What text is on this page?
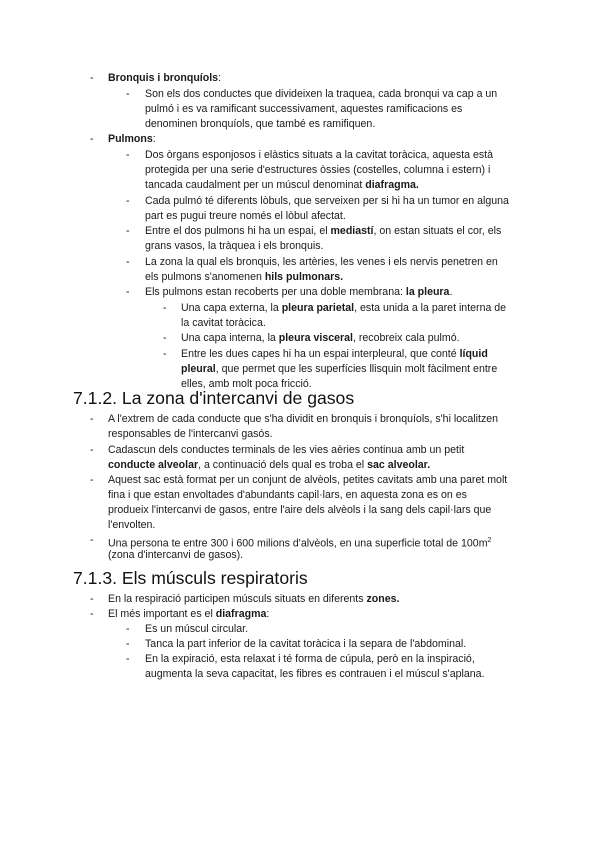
- Bronquis i bronquíols:
- Son els dos conductes que divideixen la traquea, cada bronqui va cap a un
pulmó i es va ramificant successivament, aquestes ramificacions es
denominen bronquíols, que també es ramifiquen.
- Pulmons:
- Dos òrgans esponjosos i elàstics situats a la cavitat toràcica, aquesta està
protegida per una serie d'estructures òssies (costelles, columna i estern) i
tancada caudalment per un múscul denominat diafragma.
- Cada pulmó té diferents lòbuls, que serveixen per si hi ha un tumor en alguna
part es pugui treure només el lòbul afectat.
- Entre el dos pulmons hi ha un espai, el mediastí, on estan situats el cor, els
grans vasos, la tràquea i els bronquis.
- La zona la qual els bronquis, les artèries, les venes i els nervis penetren en
els pulmons s'anomenen hils pulmonars.
- Els pulmons estan recoberts per una doble membrana: la pleura.
- Una capa externa, la pleura parietal, esta unida a la paret interna de
la cavitat toràcica.
- Una capa interna, la pleura visceral, recobreix cala pulmó.
- Entre les dues capes hi ha un espai interpleural, que conté líquid
pleural, que permet que les superfícies llisquin molt fàcilment entre
elles, amb molt poca fricció.
7.1.2. La zona d'intercanvi de gasos
- A l'extrem de cada conducte que s'ha dividit en bronquis i bronquíols, s'hi localitzen
responsables de l'intercanvi gasós.
- Cadascun dels conductes terminals de les vies aèries continua amb un petit
conducte alveolar, a continuació dels qual es troba el sac alveolar.
- Aquest sac està format per un conjunt de alvèols, petites cavitats amb una paret molt
fina i que estan envoltades d'abundants capil·lars, en aquesta zona es on es
produeix l'intercanvi de gasos, entre l'aire dels alvèols i la sang dels capil·lars que
l'envolten.
- Una persona te entre 300 i 600 milions d'alvèols, en una superficie total de $100m^2$
(zona d'intercanvi de gasos).
7.1.3. Els músculs respiratoris
- En la respiració participen músculs situats en diferents zones.
- El més important es el diafragma:
- Es un múscul circular.
- Tanca la part inferior de la cavitat toràcica i la separa de l'abdominal.
- En la expiració, esta relaxat i té forma de cúpula, però en la inspiració,
augmenta la seva capacitat, les fibres es contrauen i el múscul s'aplana.
